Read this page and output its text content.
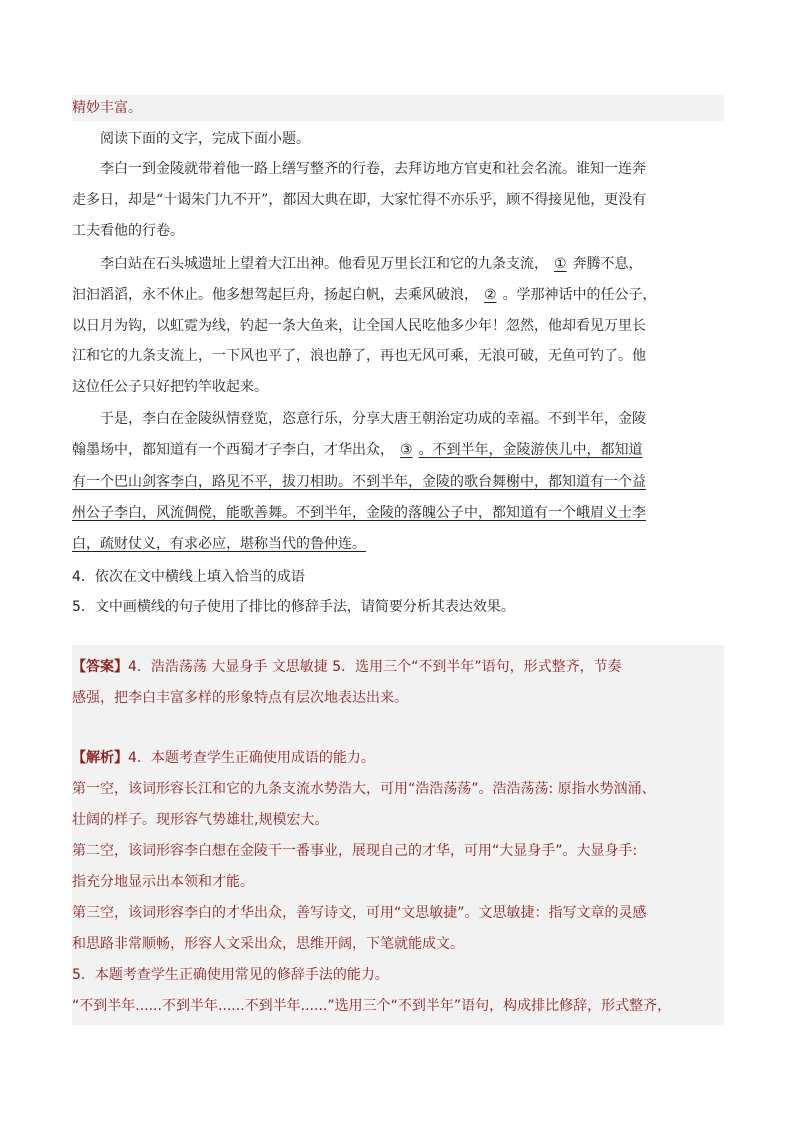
精妙丰富。
阅读下面的文字，完成下面小题。
李白一到金陵就带着他一路上缮写整齐的行卷，去拜访地方官吏和社会名流。谁知一连奔
走多日，却是“十谒朱门九不开”，都因大典在即，大家忙得不亦乐乎，顾不得接见他，更没有
工夫看他的行卷。
李白站在石头城遗址上望着大江出神。他看见万里长江和它的九条支流， ① 奔腾不息，
汩汩滔滔，永不休止。他多想驾起巨舟，扬起白帆，去乘风破浪， ② 。学那神话中的任公子，
以日月为钩，以虹霓为线，钓起一条大鱼来，让全国人民吃他多少年！忽然，他却看见万里长
江和它的九条支流上，一下风也平了，浪也静了，再也无风可乘，无浪可破，无鱼可钓了。他
这位任公子只好把钓竿收起来。
于是，李白在金陵纵情登览，恣意行乐，分享大唐王朝治定功成的幸福。不到半年，金陵
翰墨场中，都知道有一个西蜀才子李白，才华出众， ③ 。不到半年，金陵游侠儿中，都知道
有一个巴山剑客李白，路见不平，拔刀相助。不到半年，金陵的歌台舞榭中，都知道有一个益
州公子李白，风流倜傥，能歌善舞。不到半年，金陵的落魄公子中，都知道有一个峨眉义士李
白，疏财仗义，有求必应，堪称当代的鲁仲连。
4．依次在文中横线上填入恰当的成语
5．文中画横线的句子使用了排比的修辞手法，请简要分析其表达效果。
【答案】4．浩浩荡荡 大显身手 文思敏捷 5．选用三个“不到半年”语句，形式整齐，节奏
感强，把李白丰富多样的形象特点有层次地表达出来。
【解析】4．本题考查学生正确使用成语的能力。
第一空，该词形容长江和它的九条支流水势浩大，可用“浩浩荡荡”。浩浩荡荡: 原指水势汹涌、
壮阔的样子。现形容气势雄壮,规模宏大。
第二空，该词形容李白想在金陵干一番事业，展现自己的才华，可用“大显身手”。大显身手:
指充分地显示出本领和才能。
第三空，该词形容李白的才华出众，善写诗文，可用“文思敏捷”。文思敏捷：指写文章的灵感
和思路非常顺畅，形容人文采出众，思维开阔，下笔就能成文。
5．本题考查学生正确使用常见的修辞手法的能力。
“不到半年......不到半年......不到半年......”选用三个“不到半年”语句，构成排比修辞，形式整齐，
